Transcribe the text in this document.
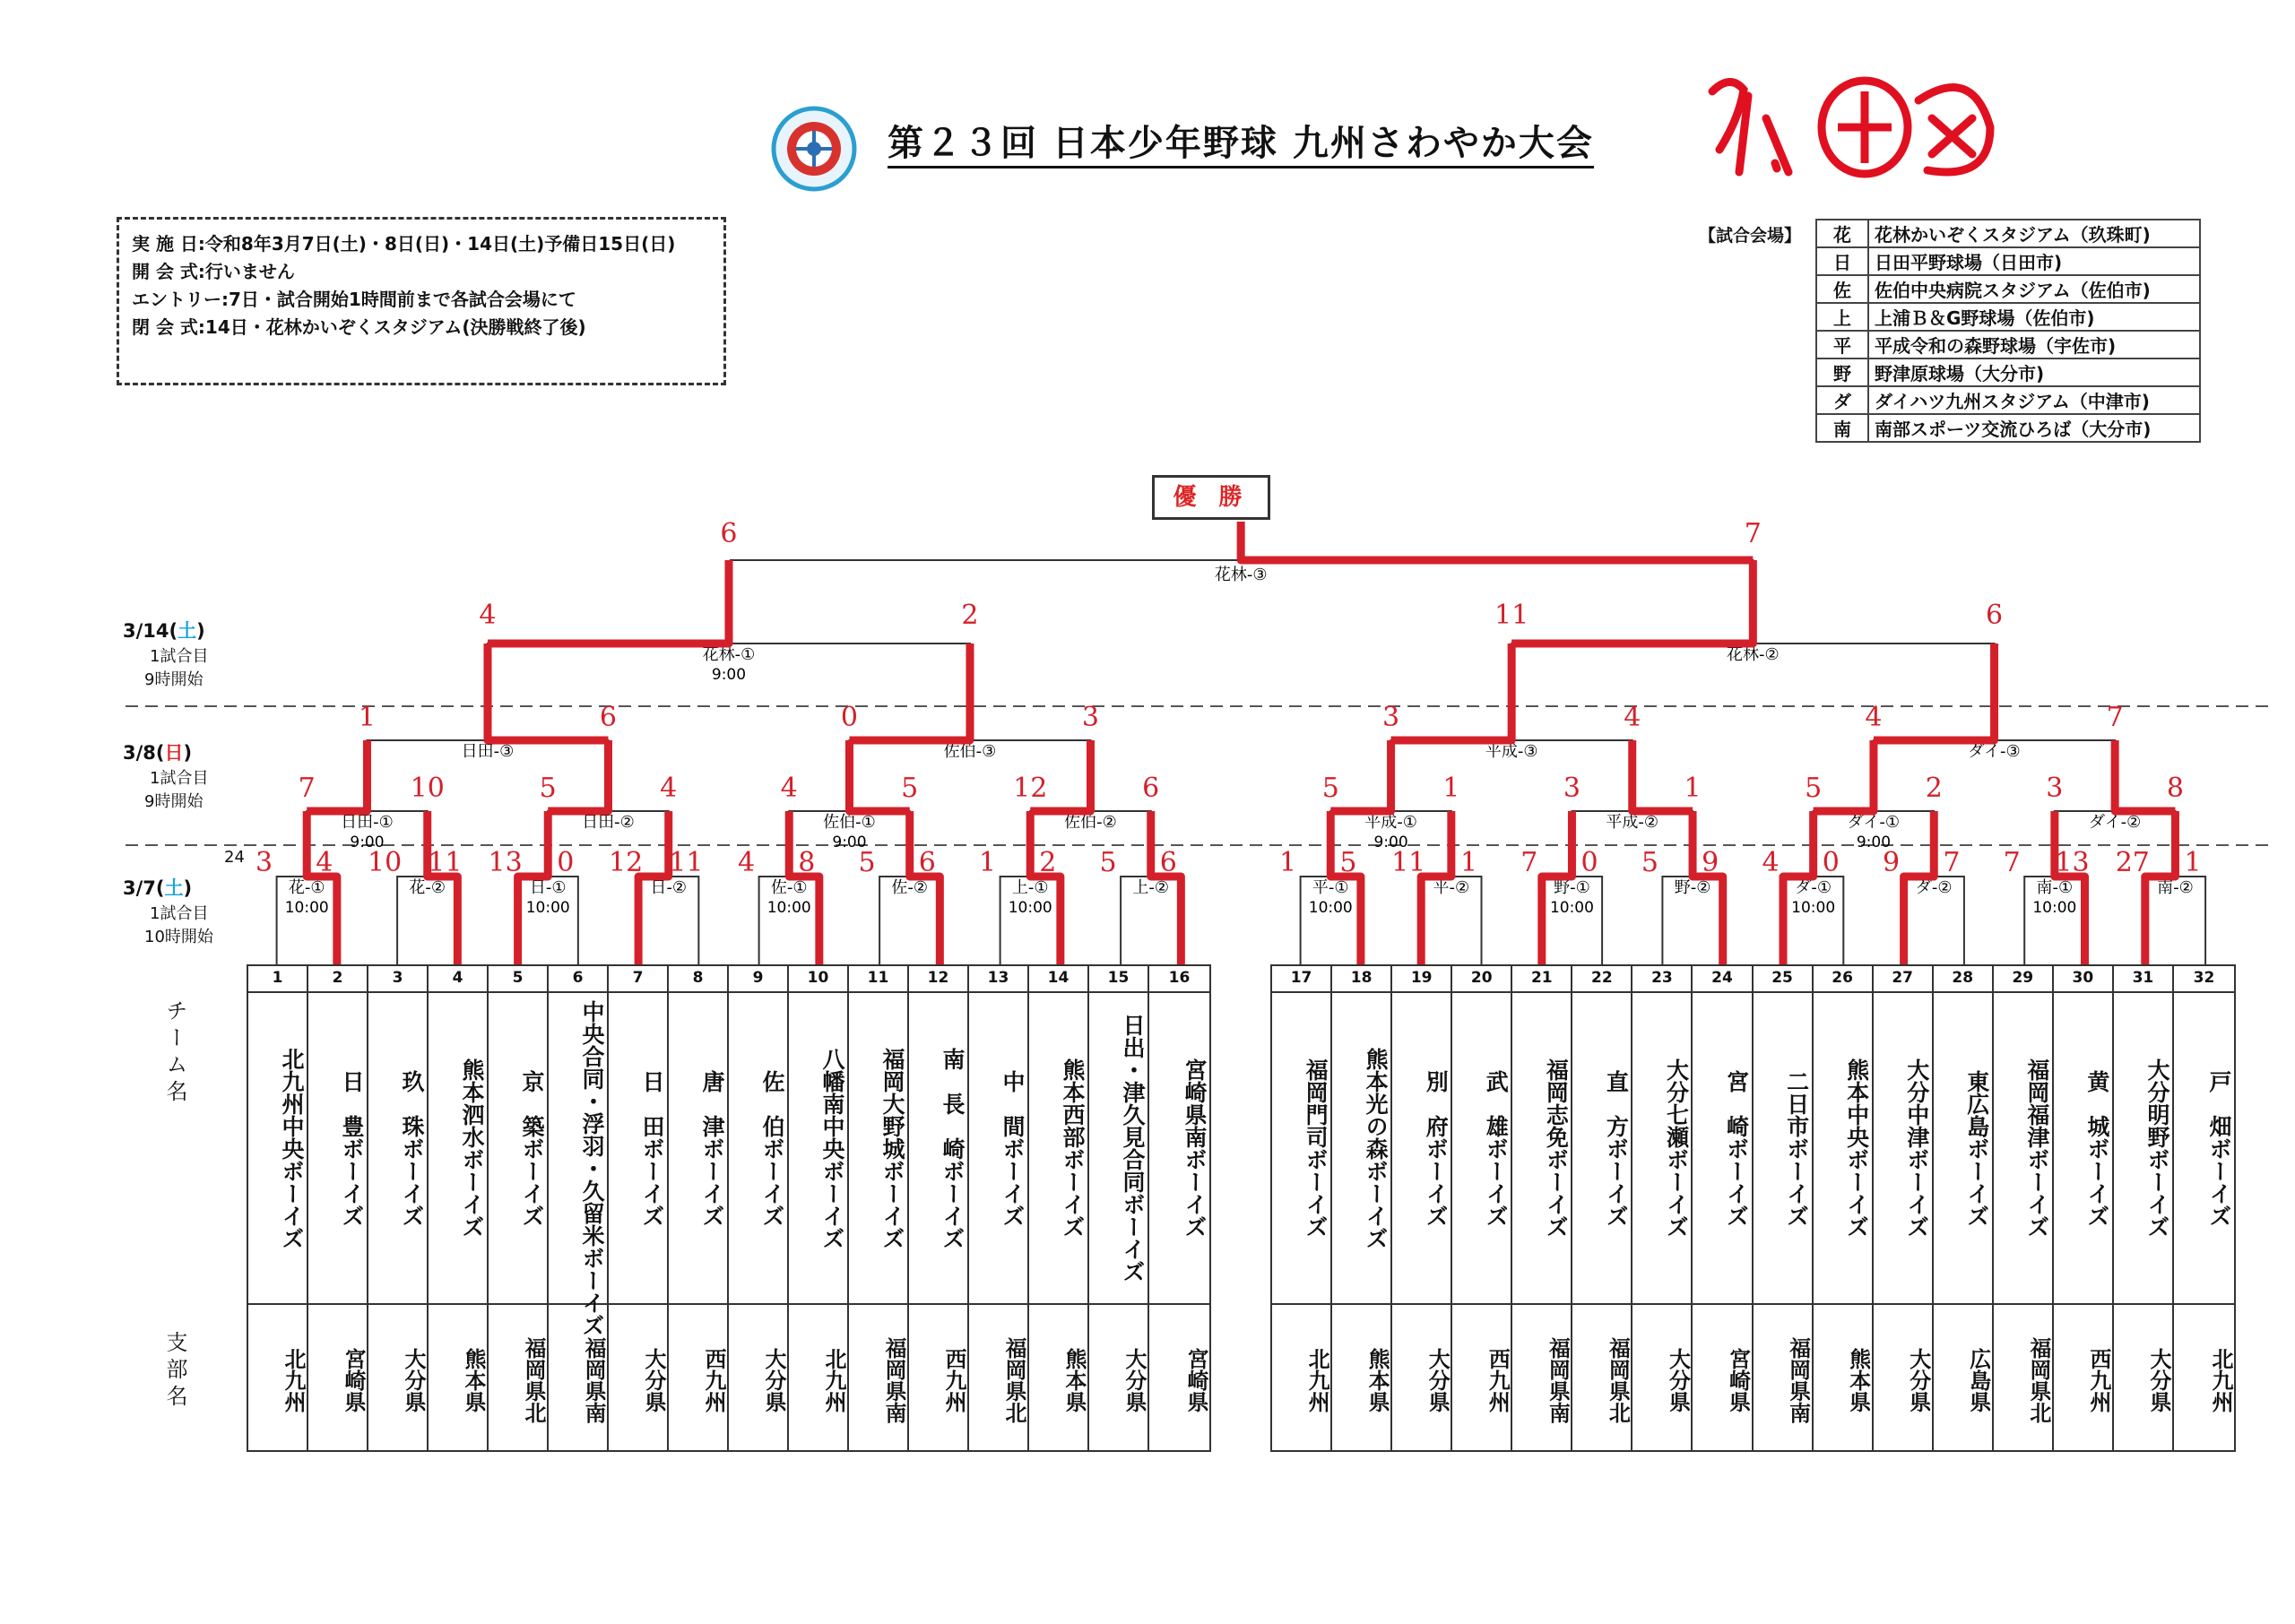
第２３回 日本少年野球 九州さわやか大会
実 施 日:令和8年3月7日(土)・8日(日)・14日(土)予備日15日(日)
開 会 式:行いません
エントリー:7日・試合開始1時間前まで各試合会場にて
閉 会 式:14日・花林かいぞくスタジアム(決勝戦終了後)
【試合会場】 花	花林かいぞくスタジアム（玖珠町)
日	日田平野球場（日田市)
佐	佐伯中央病院スタジアム（佐伯市)
上	上浦Ｂ＆G野球場（佐伯市)
平	平成令和の森野球場（宇佐市)
野	野津原球場（大分市)
ダ	ダイハツ九州スタジアム（中津市)
南	南部スポーツ交流ひろば（大分市)
優 勝
3/14(土)
1試合目
9時開始
3/8(日)
1試合目
9時開始
3/7(土)
1試合目
10時開始
24
チーム名
支部名
花-①
10:00
花-②	日-①
10:00
日-②	佐-①
10:00
佐-②	上-①
10:00
上-②	平-①
10:00
平-②	野-①
10:00
野-②	ダ-①
10:00
ダ-②	南-①
10:00
南-②
日田-①
9:00
日田-②	佐伯-①
9:00
佐伯-②	平成-①
9:00
平成-②	ダイ-①
9:00
ダイ-②
日田-③	佐伯-③	平成-③	ダイ-③
花林-①
9:00
花林-②
花林-③
6	7
4	2	11	6
1	6	0	3	3	4	4	7
7	10	5	4	4	5	12	6	5	1	3	1	5	2	3	8
3 4 10 11 13 0 12 11 4 8 5 6 1 2 5 6	1 5 11 1 7 0 5 9 4 0 9 7 7 13 27 1
1
北九州中央ボーイズ
北九州
2
日　豊ボーイズ
宮崎県
3
玖　珠ボーイズ
大分県
4
熊本泗水ボーイズ
熊本県
5
京　築ボーイズ
福岡県北
6
中央合同・浮羽・久留米ボーイズ
福岡県南
7
日　田ボーイズ
大分県
8
唐　津ボーイズ
西九州
9
佐　伯ボーイズ
大分県
10
八幡南中央ボーイズ
北九州
11
福岡大野城ボーイズ
福岡県南
12
南　長　崎ボーイズ
西九州
13
中　間ボーイズ
福岡県北
14
熊本西部ボーイズ
熊本県
15
日出・津久見合同ボーイズ
大分県
16
宮崎県南ボーイズ
宮崎県
17
福岡門司ボーイズ
北九州
18
熊本光の森ボーイズ
熊本県
19
別　府ボーイズ
大分県
20
武　雄ボーイズ
西九州
21
福岡志免ボーイズ
福岡県南
22
直　方ボーイズ
福岡県北
23
大分七瀬ボーイズ
大分県
24
宮　崎ボーイズ
宮崎県
25
二日市ボーイズ
福岡県南
26
熊本中央ボーイズ
熊本県
27
大分中津ボーイズ
大分県
28
東広島ボーイズ
広島県
29
福岡福津ボーイズ
福岡県北
30
黄　城ボーイズ
西九州
31
大分明野ボーイズ
大分県
32
戸　畑ボーイズ
北九州
